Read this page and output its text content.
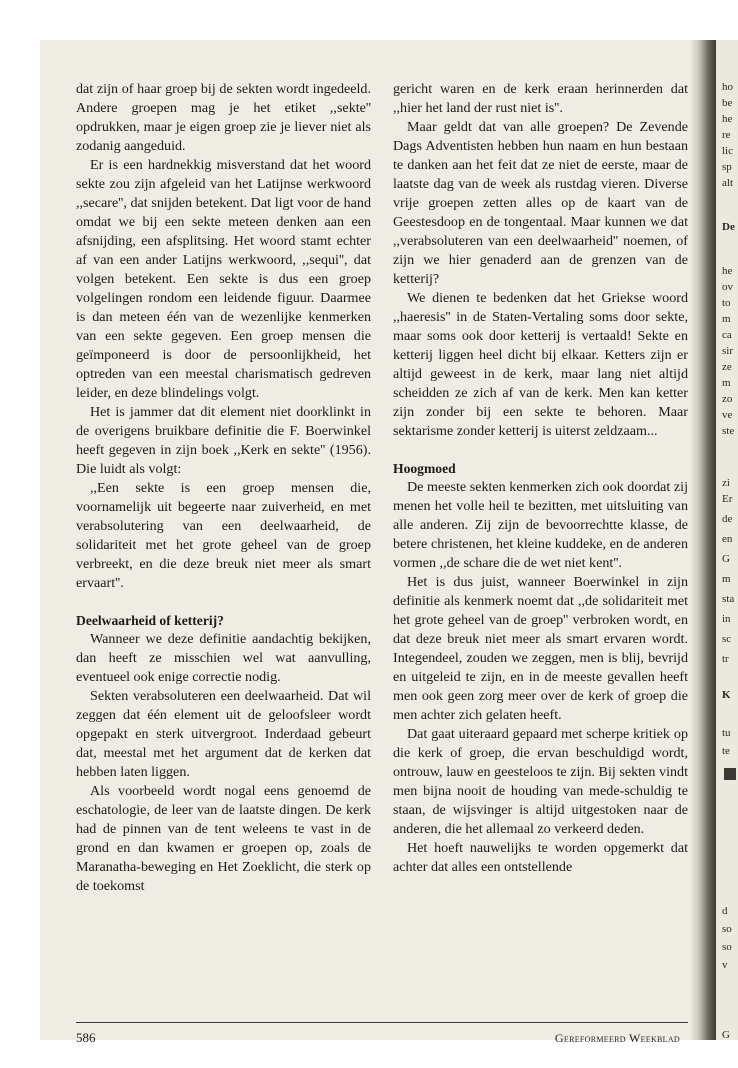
ho
be
he
re
lic
sp
alt
De
he
ov
to
m
ca
sir
ze
m
zo
ve
ste
zi
Er
de
en
G
m
sta
in
sc
tr
K
tu
te
d
so
so
v
G

dat zijn of haar groep bij de sekten wordt ingedeeld. Andere groepen mag je het etiket ,,sekte'' opdrukken, maar je eigen groep zie je liever niet als zodanig aangeduid.

Er is een hardnekkig misverstand dat het woord sekte zou zijn afgeleid van het Latijnse werkwoord ,,secare'', dat snijden betekent. Dat ligt voor de hand omdat we bij een sekte meteen denken aan een afsnijding, een afsplitsing. Het woord stamt echter af van een ander Latijns werkwoord, ,,sequi'', dat volgen betekent. Een sekte is dus een groep volgelingen rondom een leidende figuur. Daarmee is dan meteen één van de wezenlijke kenmerken van een sekte gegeven. Een groep mensen die geïmponeerd is door de persoonlijkheid, het optreden van een meestal charismatisch gedreven leider, en deze blindelings volgt.

Het is jammer dat dit element niet doorklinkt in de overigens bruikbare definitie die F. Boerwinkel heeft gegeven in zijn boek ,,Kerk en sekte'' (1956). Die luidt als volgt:

,,Een sekte is een groep mensen die, voornamelijk uit begeerte naar zuiverheid, en met verabsolutering van een deelwaarheid, de solidariteit met het grote geheel van de groep verbreekt, en die deze breuk niet meer als smart ervaart''.

Deelwaarheid of ketterij?

Wanneer we deze definitie aandachtig bekijken, dan heeft ze misschien wel wat aanvulling, eventueel ook enige correctie nodig.

Sekten verabsoluteren een deelwaarheid. Dat wil zeggen dat één element uit de geloofsleer wordt opgepakt en sterk uitvergroot. Inderdaad gebeurt dat, meestal met het argument dat de kerken dat hebben laten liggen.

Als voorbeeld wordt nogal eens genoemd de eschatologie, de leer van de laatste dingen. De kerk had de pinnen van de tent weleens te vast in de grond en dan kwamen er groepen op, zoals de Maranatha-beweging en Het Zoeklicht, die sterk op de toekomst

gericht waren en de kerk eraan herinnerden dat ,,hier het land der rust niet is''.

Maar geldt dat van alle groepen? De Zevende Dags Adventisten hebben hun naam en hun bestaan te danken aan het feit dat ze niet de eerste, maar de laatste dag van de week als rustdag vieren. Diverse vrije groepen zetten alles op de kaart van de Geestesdoop en de tongentaal. Maar kunnen we dat ,,verabsoluteren van een deelwaarheid'' noemen, of zijn we hier genaderd aan de grenzen van de ketterij?

We dienen te bedenken dat het Griekse woord ,,haeresis'' in de Staten-Vertaling soms door sekte, maar soms ook door ketterij is vertaald! Sekte en ketterij liggen heel dicht bij elkaar. Ketters zijn er altijd geweest in de kerk, maar lang niet altijd scheidden ze zich af van de kerk. Men kan ketter zijn zonder bij een sekte te behoren. Maar sektarisme zonder ketterij is uiterst zeldzaam...

Hoogmoed

De meeste sekten kenmerken zich ook doordat zij menen het volle heil te bezitten, met uitsluiting van alle anderen. Zij zijn de bevoorrechtte klasse, de betere christenen, het kleine kuddeke, en de anderen vormen ,,de schare die de wet niet kent''.

Het is dus juist, wanneer Boerwinkel in zijn definitie als kenmerk noemt dat ,,de solidariteit met het grote geheel van de groep'' verbroken wordt, en dat deze breuk niet meer als smart ervaren wordt. Integendeel, zouden we zeggen, men is blij, bevrijd en uitgeleid te zijn, en in de meeste gevallen heeft men ook geen zorg meer over de kerk of groep die men achter zich gelaten heeft.

Dat gaat uiteraard gepaard met scherpe kritiek op die kerk of groep, die ervan beschuldigd wordt, ontrouw, lauw en geesteloos te zijn. Bij sekten vindt men bijna nooit de houding van mede-schuldig te staan, de wijsvinger is altijd uitgestoken naar de anderen, die het allemaal zo verkeerd deden.

Het hoeft nauwelijks te worden opgemerkt dat achter dat alles een ontstellende

586	Gereformeerd Weekblad
